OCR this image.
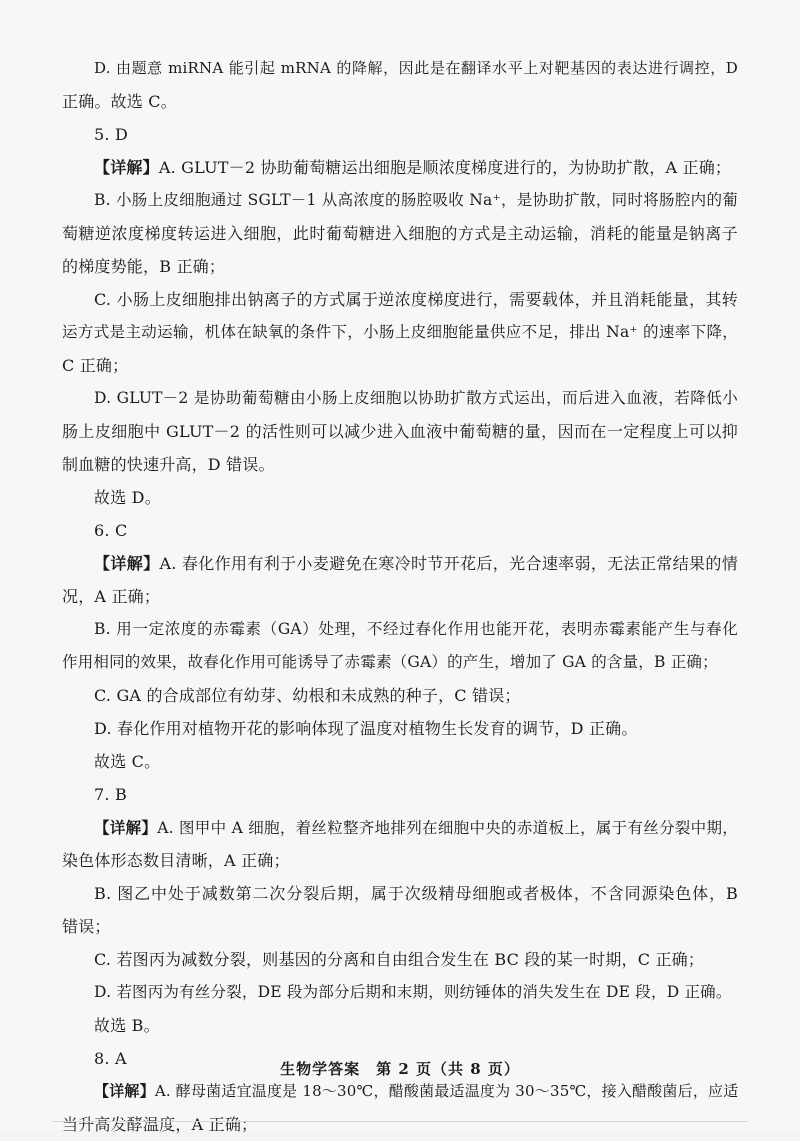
D. 由题意 miRNA 能引起 mRNA 的降解，因此是在翻译水平上对靶基因的表达进行调控，D
正确。故选 C。
5. D
【详解】A. GLUT－2 协助葡萄糖运出细胞是顺浓度梯度进行的，为协助扩散，A 正确；
B. 小肠上皮细胞通过 SGLT－1 从高浓度的肠腔吸收 Na⁺，是协助扩散，同时将肠腔内的葡
萄糖逆浓度梯度转运进入细胞，此时葡萄糖进入细胞的方式是主动运输，消耗的能量是钠离子
的梯度势能，B 正确；
C. 小肠上皮细胞排出钠离子的方式属于逆浓度梯度进行，需要载体，并且消耗能量，其转
运方式是主动运输，机体在缺氧的条件下，小肠上皮细胞能量供应不足，排出 Na⁺ 的速率下降，
C 正确；
D. GLUT－2 是协助葡萄糖由小肠上皮细胞以协助扩散方式运出，而后进入血液，若降低小
肠上皮细胞中 GLUT－2 的活性则可以减少进入血液中葡萄糖的量，因而在一定程度上可以抑
制血糖的快速升高，D 错误。
故选 D。
6. C
【详解】A. 春化作用有利于小麦避免在寒冷时节开花后，光合速率弱，无法正常结果的情
况，A 正确；
B. 用一定浓度的赤霉素（GA）处理，不经过春化作用也能开花，表明赤霉素能产生与春化
作用相同的效果，故春化作用可能诱导了赤霉素（GA）的产生，增加了 GA 的含量，B 正确；
C. GA 的合成部位有幼芽、幼根和未成熟的种子，C 错误；
D. 春化作用对植物开花的影响体现了温度对植物生长发育的调节，D 正确。
故选 C。
7. B
【详解】A. 图甲中 A 细胞，着丝粒整齐地排列在细胞中央的赤道板上，属于有丝分裂中期，
染色体形态数目清晰，A 正确；
B. 图乙中处于减数第二次分裂后期，属于次级精母细胞或者极体，不含同源染色体，B
错误；
C. 若图丙为减数分裂，则基因的分离和自由组合发生在 BC 段的某一时期，C 正确；
D. 若图丙为有丝分裂，DE 段为部分后期和末期，则纺锤体的消失发生在 DE 段，D 正确。
故选 B。
8. A
【详解】A. 酵母菌适宜温度是 18～30℃，醋酸菌最适温度为 30～35℃，接入醋酸菌后，应适
当升高发酵温度，A 正确；
生物学答案　第 2 页（共 8 页）
